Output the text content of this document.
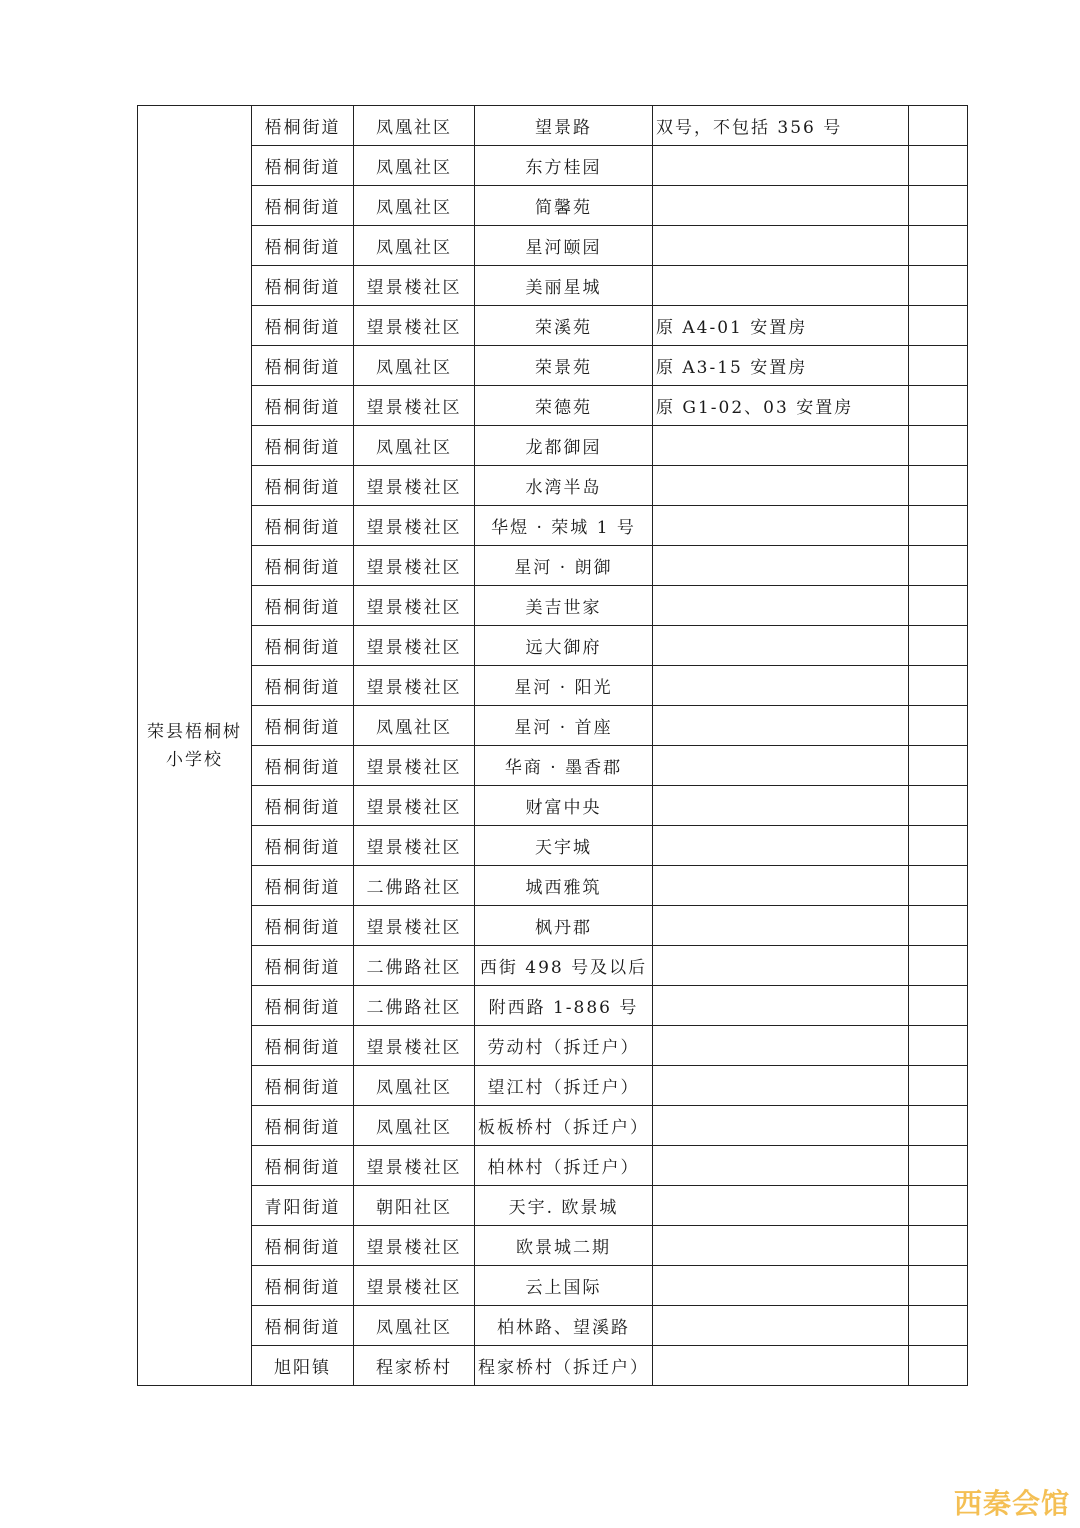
荣县梧桐树小学校	梧桐街道	凤凰社区	望景路	双号，不包括 356 号	
	梧桐街道	凤凰社区	东方桂园		
	梧桐街道	凤凰社区	简馨苑		
	梧桐街道	凤凰社区	星河颐园		
	梧桐街道	望景楼社区	美丽星城		
	梧桐街道	望景楼社区	荣溪苑	原 A4-01 安置房	
	梧桐街道	凤凰社区	荣景苑	原 A3-15 安置房	
	梧桐街道	望景楼社区	荣德苑	原 G1-02、03 安置房	
	梧桐街道	凤凰社区	龙都御园		
	梧桐街道	望景楼社区	水湾半岛		
	梧桐街道	望景楼社区	华煜 · 荣城 1 号		
	梧桐街道	望景楼社区	星河 · 朗御		
	梧桐街道	望景楼社区	美吉世家		
	梧桐街道	望景楼社区	远大御府		
	梧桐街道	望景楼社区	星河 · 阳光		
	梧桐街道	凤凰社区	星河 · 首座		
	梧桐街道	望景楼社区	华商 · 墨香郡		
	梧桐街道	望景楼社区	财富中央		
	梧桐街道	望景楼社区	天宇城		
	梧桐街道	二佛路社区	城西雅筑		
	梧桐街道	望景楼社区	枫丹郡		
	梧桐街道	二佛路社区	西街 498 号及以后		
	梧桐街道	二佛路社区	附西路 1-886 号		
	梧桐街道	望景楼社区	劳动村（拆迁户）		
	梧桐街道	凤凰社区	望江村（拆迁户）		
	梧桐街道	凤凰社区	板板桥村（拆迁户）		
	梧桐街道	望景楼社区	柏林村（拆迁户）		
	青阳街道	朝阳社区	天宇. 欧景城		
	梧桐街道	望景楼社区	欧景城二期		
	梧桐街道	望景楼社区	云上国际		
	梧桐街道	凤凰社区	柏林路、望溪路		
	旭阳镇	程家桥村	程家桥村（拆迁户）		
西秦会馆
